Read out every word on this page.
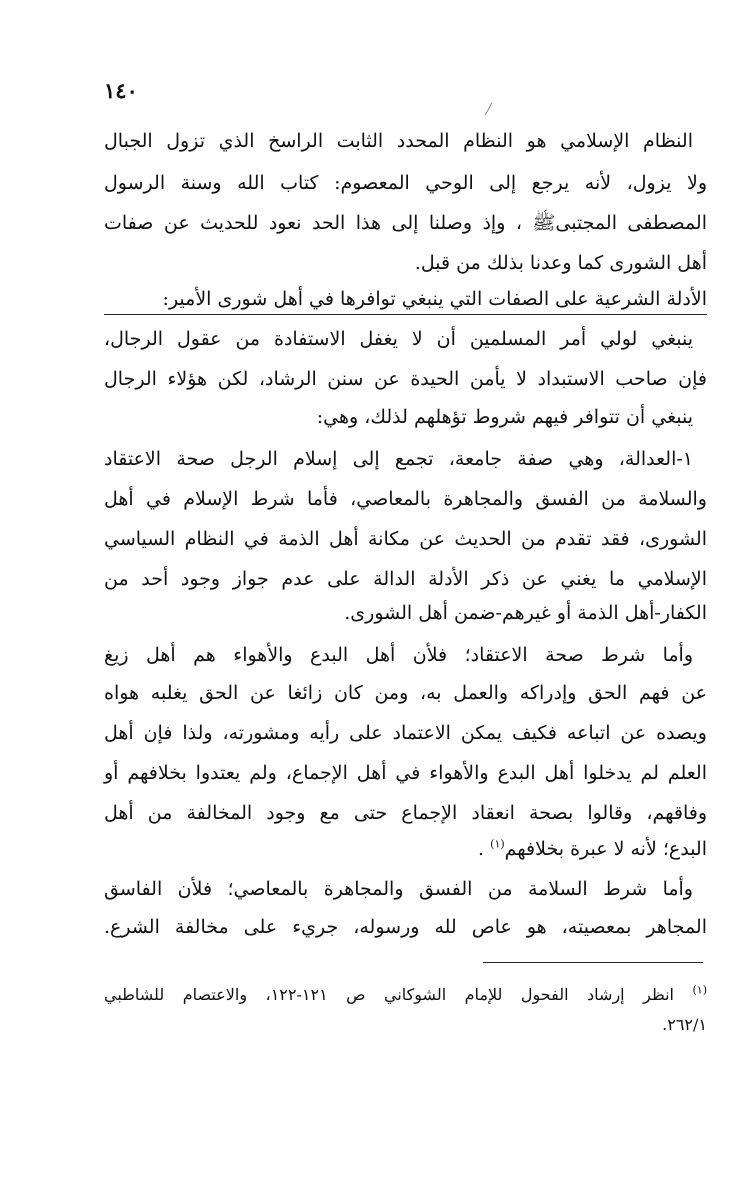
١٤٠
النظام الإسلامي هو النظام المحدد الثابت الراسخ الذي تزول الجبال
ولا يزول، لأنه يرجع إلى الوحي المعصوم: كتاب الله وسنة الرسول
المصطفى المجتبىﷺ ، وإذ وصلنا إلى هذا الحد نعود للحديث عن صفات
أهل الشورى كما وعدنا بذلك من قبل.
الأدلة الشرعية على الصفات التي ينبغي توافرها في أهل شورى الأمير:
ينبغي لولي أمر المسلمين أن لا يغفل الاستفادة من عقول الرجال،
فإن صاحب الاستبداد لا يأمن الحيدة عن سنن الرشاد، لكن هؤلاء الرجال
ينبغي أن تتوافر فيهم شروط تؤهلهم لذلك، وهي:
١-العدالة، وهي صفة جامعة، تجمع إلى إسلام الرجل صحة الاعتقاد
والسلامة من الفسق والمجاهرة بالمعاصي، فأما شرط الإسلام في أهل
الشورى، فقد تقدم من الحديث عن مكانة أهل الذمة في النظام السياسي
الإسلامي ما يغني عن ذكر الأدلة الدالة على عدم جواز وجود أحد من
الكفار-أهل الذمة أو غيرهم-ضمن أهل الشورى.
وأما شرط صحة الاعتقاد؛ فلأن أهل البدع والأهواء هم أهل زيغ
عن فهم الحق وإدراكه والعمل به، ومن كان زائغا عن الحق يغلبه هواه
ويصده عن اتباعه فكيف يمكن الاعتماد على رأيه ومشورته، ولذا فإن أهل
العلم لم يدخلوا أهل البدع والأهواء في أهل الإجماع، ولم يعتدوا بخلافهم أو
وفاقهم، وقالوا بصحة انعقاد الإجماع حتى مع وجود المخالفة من أهل
البدع؛ لأنه لا عبرة بخلافهم$^{(١)}$ .
وأما شرط السلامة من الفسق والمجاهرة بالمعاصي؛ فلأن الفاسق
المجاهر بمعصيته، هو عاص لله ورسوله، جريء على مخالفة الشرع.
$^{(١)}$ انظر إرشاد الفحول للإمام الشوكاني ص ١٢١-١٢٢، والاعتصام للشاطبي
٢٦٢/١.
